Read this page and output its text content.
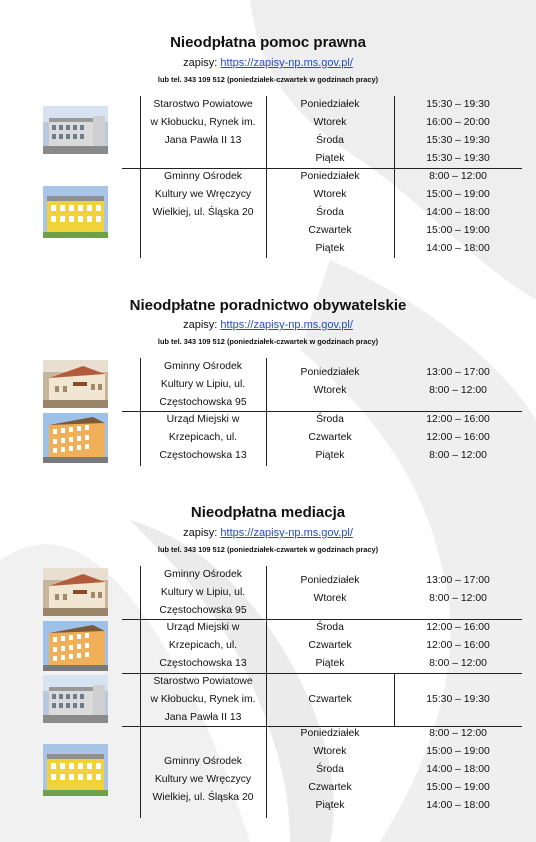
Nieodpłatna pomoc prawna
zapisy: https://zapisy-np.ms.gov.pl/
lub tel. 343 109 512 (poniedziałek-czwartek w godzinach pracy)
Starostwo Powiatowe
w Kłobucku, Rynek im.
Jana Pawła II 13
Poniedziałek
Wtorek
Środa
Piątek
15:30 – 19:30
16:00 – 20:00
15:30 – 19:30
15:30 – 19:30
Gminny Ośrodek
Kultury we Wręczycy
Wielkiej, ul. Śląska 20
Poniedziałek
Wtorek
Środa
Czwartek
Piątek
8:00 – 12:00
15:00 – 19:00
14:00 – 18:00
15:00 – 19:00
14:00 – 18:00
Nieodpłatne poradnictwo obywatelskie
zapisy: https://zapisy-np.ms.gov.pl/
lub tel. 343 109 512 (poniedziałek-czwartek w godzinach pracy)
Gminny Ośrodek
Kultury w Lipiu, ul.
Częstochowska 95
Poniedziałek
Wtorek
13:00 – 17:00
8:00 – 12:00
Urząd Miejski w
Krzepicach, ul.
Częstochowska 13
Środa
Czwartek
Piątek
12:00 – 16:00
12:00 – 16:00
8:00 – 12:00
Nieodpłatna mediacja
zapisy: https://zapisy-np.ms.gov.pl/
lub tel. 343 109 512 (poniedziałek-czwartek w godzinach pracy)
Gminny Ośrodek
Kultury w Lipiu, ul.
Częstochowska 95
Poniedziałek
Wtorek
13:00 – 17:00
8:00 – 12:00
Urząd Miejski w
Krzepicach, ul.
Częstochowska 13
Środa
Czwartek
Piątek
12:00 – 16:00
12:00 – 16:00
8:00 – 12:00
Starostwo Powiatowe
w Kłobucku, Rynek im.
Jana Pawła II 13
Czwartek	15:30 – 19:30
Gminny Ośrodek
Kultury we Wręczycy
Wielkiej, ul. Śląska 20
Poniedziałek
Wtorek
Środa
Czwartek
Piątek
8:00 – 12:00
15:00 – 19:00
14:00 – 18:00
15:00 – 19:00
14:00 – 18:00
